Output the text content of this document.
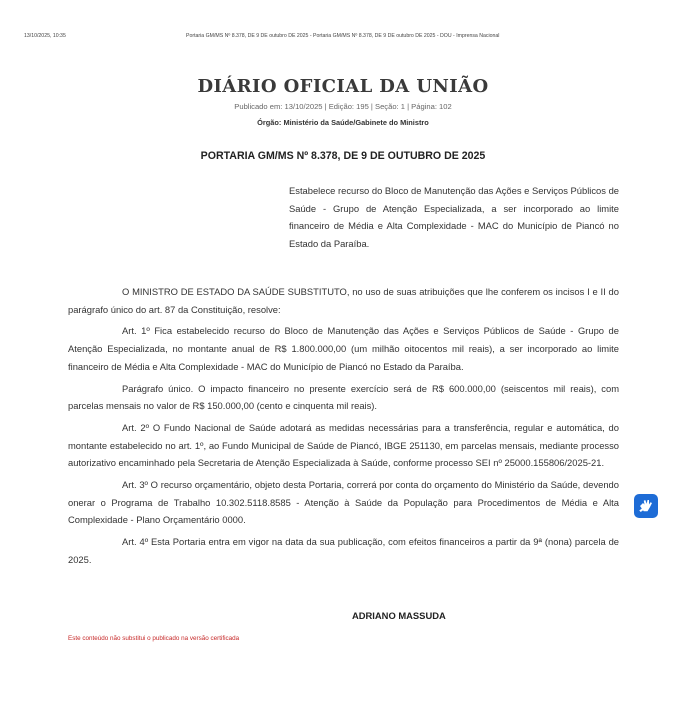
13/10/2025, 10:35	Portaria GM/MS Nº 8.378, DE 9 DE outubro DE 2025 - Portaria GM/MS Nº 8.378, DE 9 DE outubro DE 2025 - DOU - Imprensa Nacional
DIÁRIO OFICIAL DA UNIÃO
Publicado em: 13/10/2025 | Edição: 195 | Seção: 1 | Página: 102
Órgão: Ministério da Saúde/Gabinete do Ministro
PORTARIA GM/MS Nº 8.378, DE 9 DE OUTUBRO DE 2025
Estabelece recurso do Bloco de Manutenção das Ações e Serviços Públicos de Saúde - Grupo de Atenção Especializada, a ser incorporado ao limite financeiro de Média e Alta Complexidade - MAC do Município de Piancó no Estado da Paraíba.

O MINISTRO DE ESTADO DA SAÚDE SUBSTITUTO, no uso de suas atribuições que lhe conferem os incisos I e II do parágrafo único do art. 87 da Constituição, resolve:

Art. 1º Fica estabelecido recurso do Bloco de Manutenção das Ações e Serviços Públicos de Saúde - Grupo de Atenção Especializada, no montante anual de R$ 1.800.000,00 (um milhão oitocentos mil reais), a ser incorporado ao limite financeiro de Média e Alta Complexidade - MAC do Município de Piancó no Estado da Paraíba.

Parágrafo único. O impacto financeiro no presente exercício será de R$ 600.000,00 (seiscentos mil reais), com parcelas mensais no valor de R$ 150.000,00 (cento e cinquenta mil reais).

Art. 2º O Fundo Nacional de Saúde adotará as medidas necessárias para a transferência, regular e automática, do montante estabelecido no art. 1º, ao Fundo Municipal de Saúde de Piancó, IBGE 251130, em parcelas mensais, mediante processo autorizativo encaminhado pela Secretaria de Atenção Especializada à Saúde, conforme processo SEI nº 25000.155806/2025-21.

Art. 3º O recurso orçamentário, objeto desta Portaria, correrá por conta do orçamento do Ministério da Saúde, devendo onerar o Programa de Trabalho 10.302.5118.8585 - Atenção à Saúde da População para Procedimentos de Média e Alta Complexidade - Plano Orçamentário 0000.

Art. 4º Esta Portaria entra em vigor na data da sua publicação, com efeitos financeiros a partir da 9ª (nona) parcela de 2025.

ADRIANO MASSUDA
Este conteúdo não substitui o publicado na versão certificada
